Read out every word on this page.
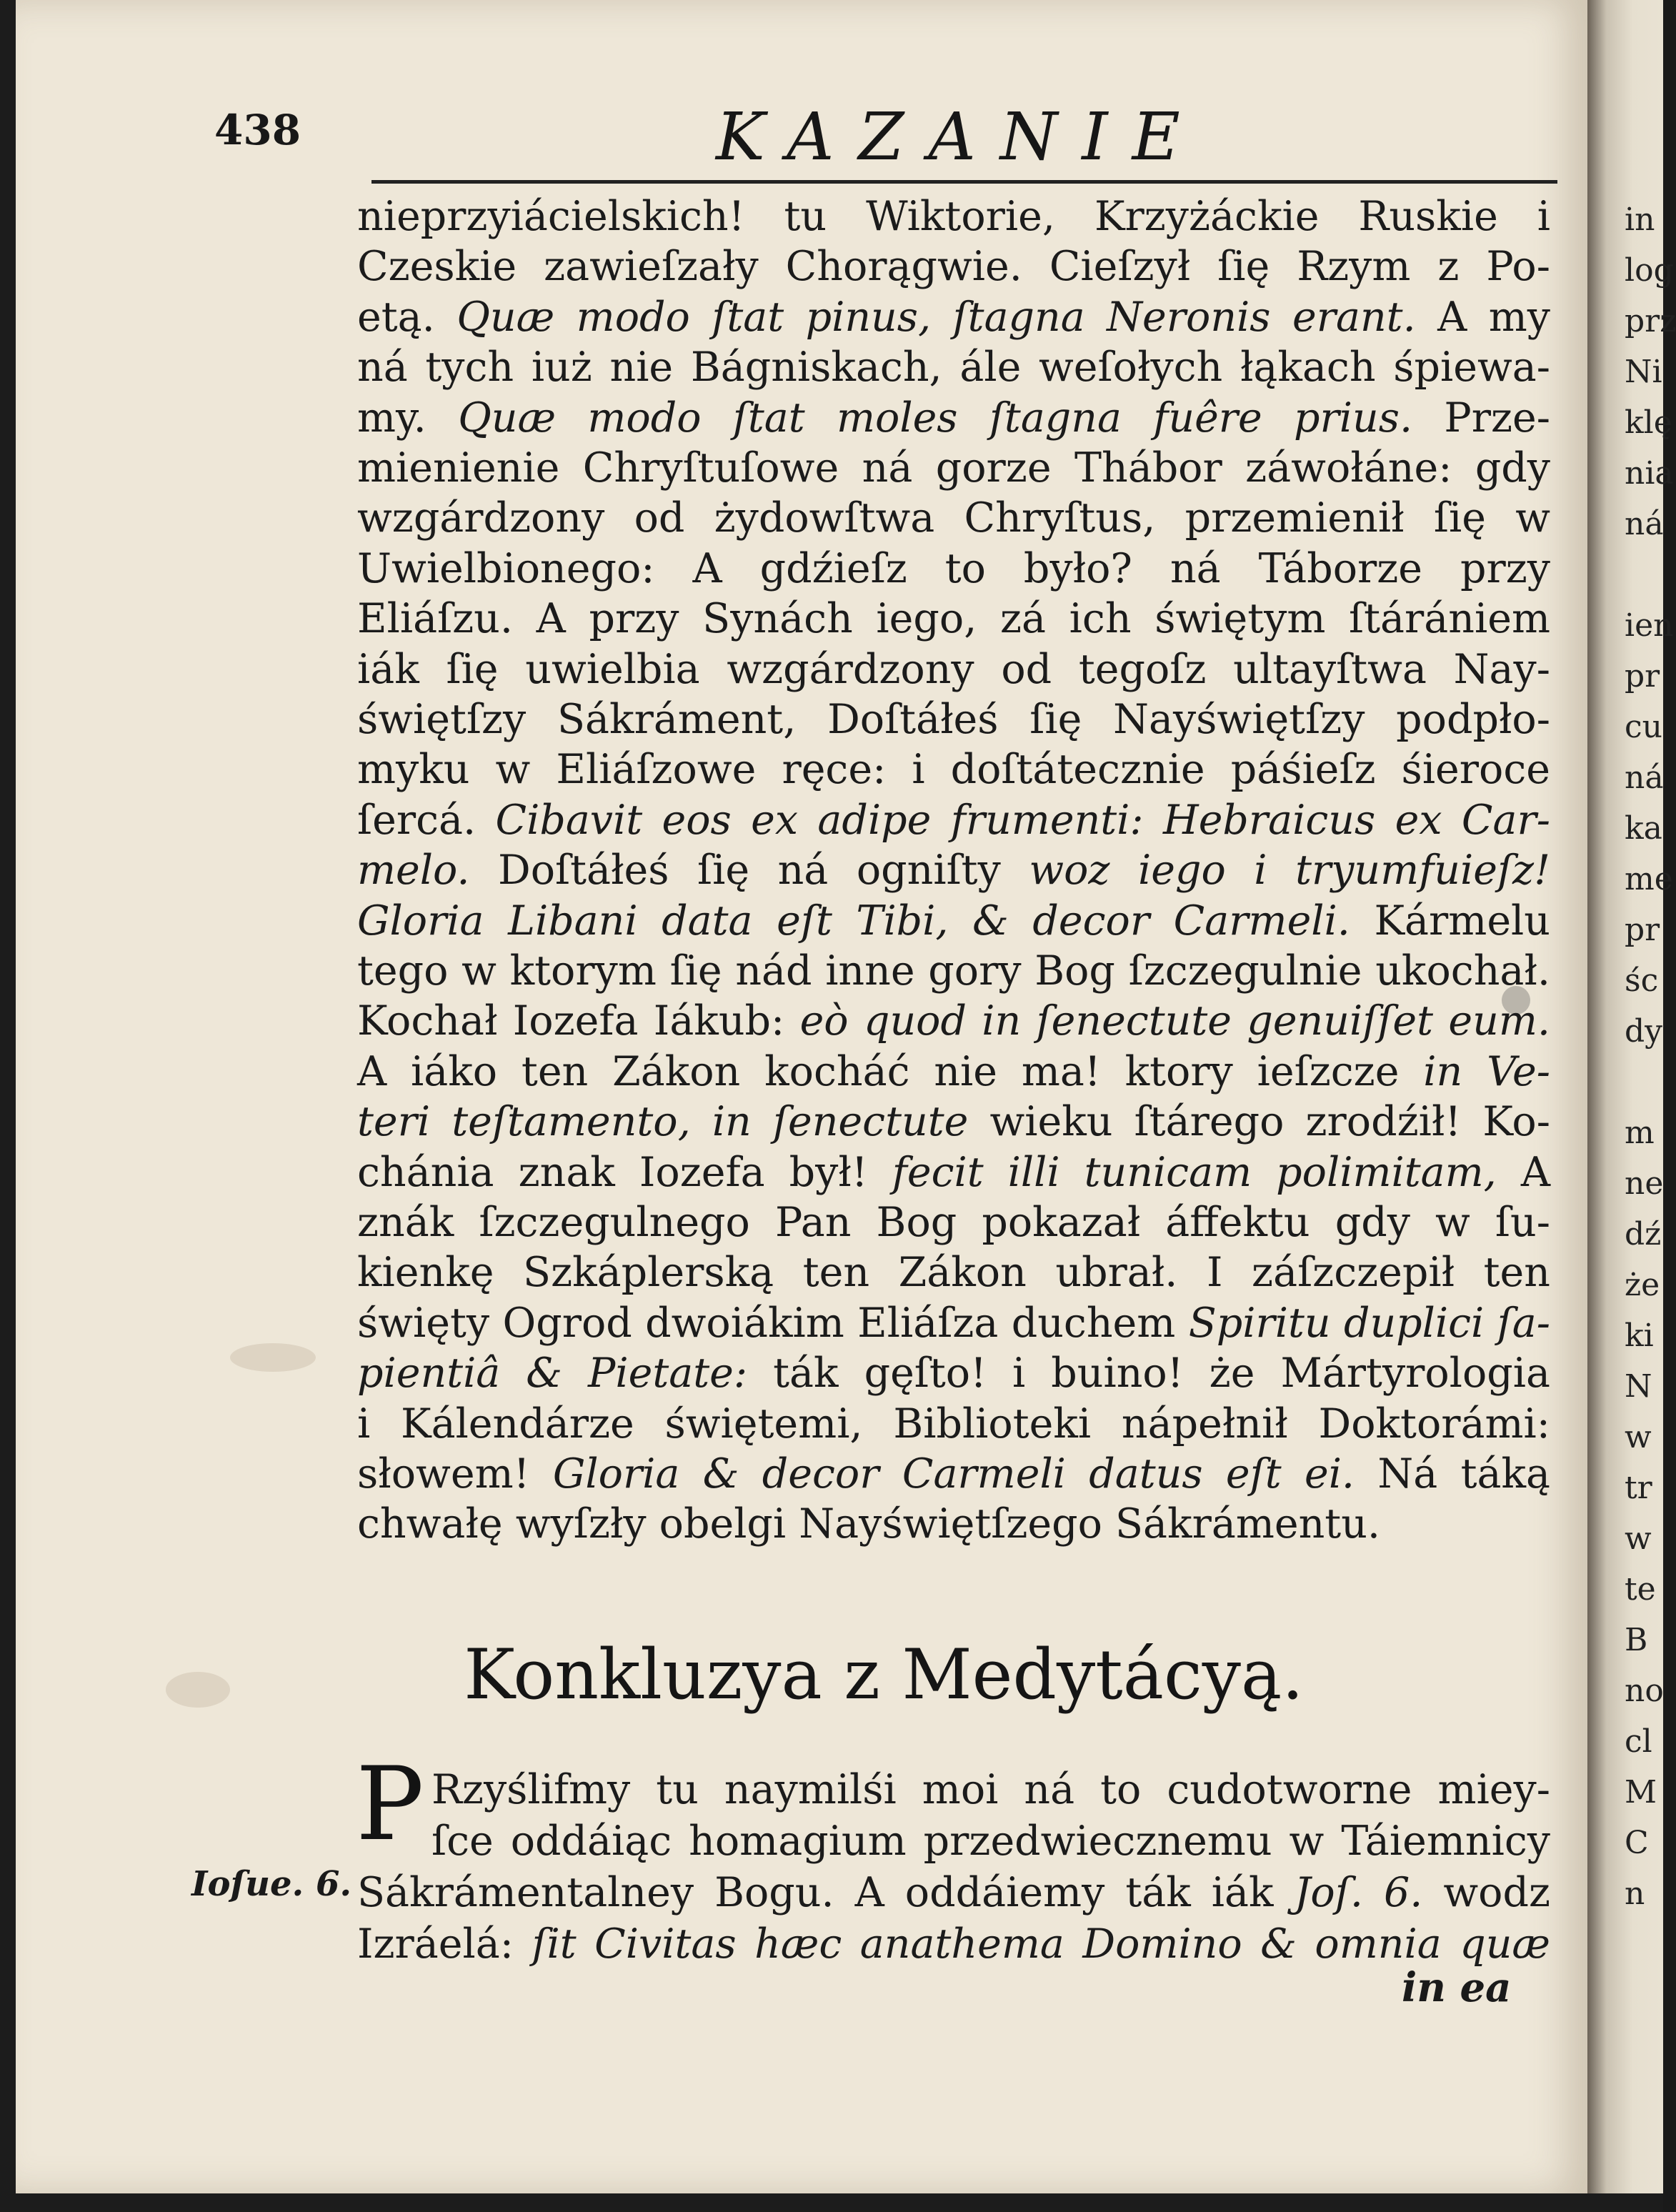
438	KAZANIE
nieprzyiácielskich! tu Wiktorie, Krzyżáckie Ruskie i
Czeskie zawieſzały Chorągwie. Cieſzył ſię Rzym z Po-
etą. Quæ modo ſtat pinus, ſtagna Neronis erant. A my
ná tych iuż nie Bágniskach, ále weſołych łąkach śpiewa-
my. Quæ modo ſtat moles ſtagna fuêre prius. Prze-
mienienie Chryſtuſowe ná gorze Thábor záwołáne: gdy
wzgárdzony od żydowſtwa Chryſtus, przemienił ſię w
Uwielbionego: A gdźieſz to było? ná Táborze przy
Eliáſzu. A przy Synách iego, zá ich świętym ſtárániem
iák ſię uwielbia wzgárdzony od tegoſz ultayſtwa Nay-
świętſzy Sákráment, Doſtáłeś ſię Nayświętſzy podpło-
myku w Eliáſzowe ręce: i doſtátecznie páśieſz śieroce
ſercá. Cibavit eos ex adipe frumenti: Hebraicus ex Car-
melo. Doſtáłeś ſię ná ogniſty woz iego i tryumfuieſz!
Gloria Libani data eſt Tibi, & decor Carmeli. Kármelu
tego w ktorym ſię nád inne gory Bog ſzczegulnie ukochał.
Kochał Iozefa Iákub: eò quod in ſenectute genuiſſet eum.
A iáko ten Zákon kocháć nie ma! ktory ieſzcze in Ve-
teri teſtamento, in ſenectute wieku ſtárego zrodźił! Ko-
chánia znak Iozefa był! fecit illi tunicam polimitam, A
znák ſzczegulnego Pan Bog pokazał áffektu gdy w ſu-
kienkę Szkáplerską ten Zákon ubrał. I záſzczepił ten
święty Ogrod dwoiákim Eliáſza duchem Spiritu duplici ſa-
pientiâ & Pietate: ták gęſto! i buino! że Mártyrologia
i Kálendárze świętemi, Biblioteki nápełnił Doktorámi:
słowem! Gloria & decor Carmeli datus eſt ei. Ná táką
chwałę wyſzły obelgi Nayświętſzego Sákrámentu.
Rzyślifmy tu naymilśi moi ná to cudotworne miey-
ſce oddáiąc homagium przedwiecznemu w Táiemnicy
Sákrámentalney Bogu. A oddáiemy ták iák Joſ. 6. wodz
Izráelá: ſit Civitas hæc anathema Domino & omnia quæ
Konkluzya z Medytácyą.
P
Ioſue. 6.
in ea
in
log
prz
Ni
klę
nia
ná
ien
pr
cu
ná
ka
me
pr
śc
dy
m
ne
dź
że
ki
N
w
tr
w
te
B
no
cl
M
C
n
